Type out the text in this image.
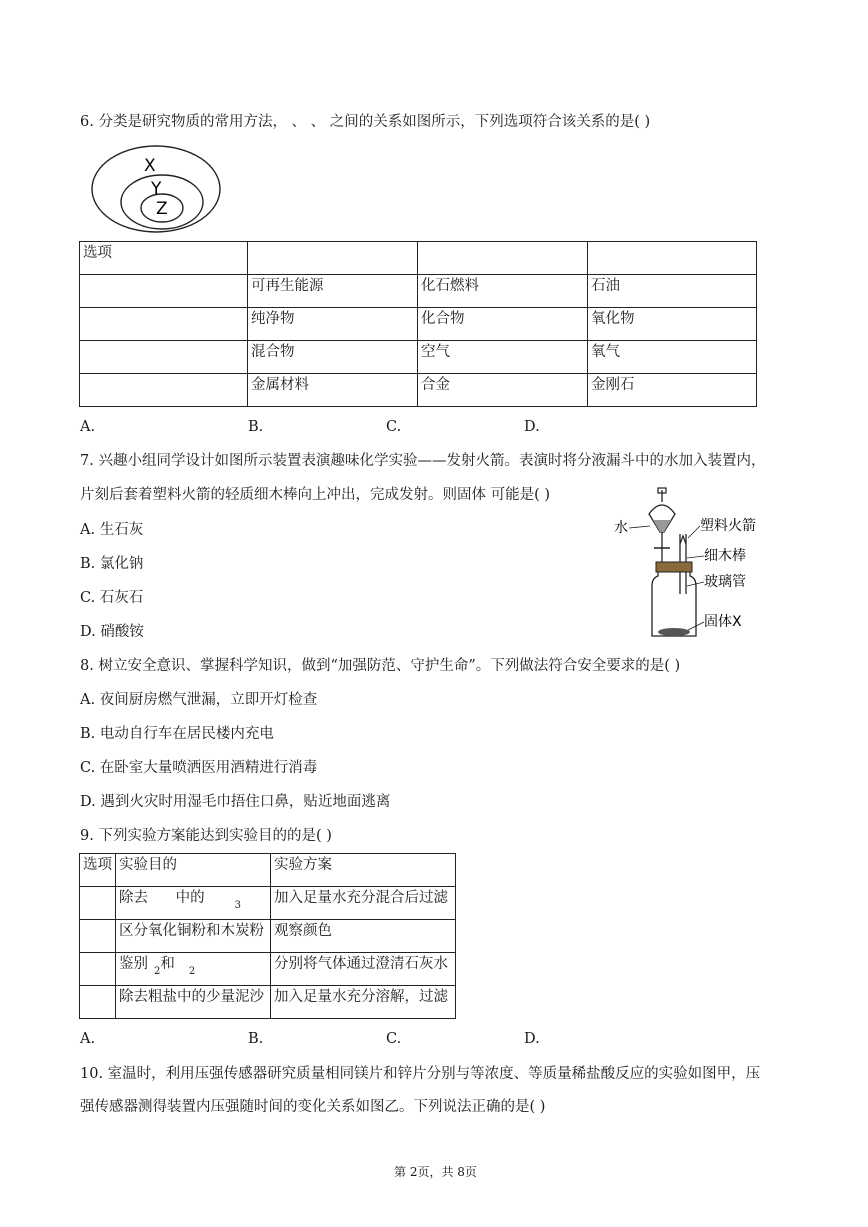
6. 分类是研究物质的常用方法， 、 、 之间的关系如图所示，下列选项符合该关系的是( )
X
Y
Z
选项			
	可再生能源	化石燃料	石油
	纯净物	化合物	氧化物
	混合物	空气	氧气
	金属材料	合金	金刚石
A.	B.	C.	D.
7. 兴趣小组同学设计如图所示装置表演趣味化学实验——发射火箭。表演时将分液漏斗中的水加入装置内，
片刻后套着塑料火箭的轻质细木棒向上冲出，完成发射。则固体 可能是( )
A. 生石灰
B. 氯化钠
C. 石灰石
D. 硝酸铵
水	塑料火箭
细木棒
玻璃管
固体X
8. 树立安全意识、掌握科学知识，做到“加强防范、守护生命”。下列做法符合安全要求的是( )
A. 夜间厨房燃气泄漏，立即开灯检查
B. 电动自行车在居民楼内充电
C. 在卧室大量喷洒医用酒精进行消毒
D. 遇到火灾时用湿毛巾捂住口鼻，贴近地面逃离
9. 下列实验方案能达到实验目的的是( )
选项	实验目的	实验方案
	除去      中的 $_3$	加入足量水充分混合后过滤
	区分氧化铜粉和木炭粉	观察颜色
	鉴别 $_2$和 $_2$	分别将气体通过澄清石灰水
	除去粗盐中的少量泥沙	加入足量水充分溶解，过滤
A.	B.	C.	D.
10. 室温时，利用压强传感器研究质量相同镁片和锌片分别与等浓度、等质量稀盐酸反应的实验如图甲，压
强传感器测得装置内压强随时间的变化关系如图乙。下列说法正确的是( )
第 2页，共 8页
